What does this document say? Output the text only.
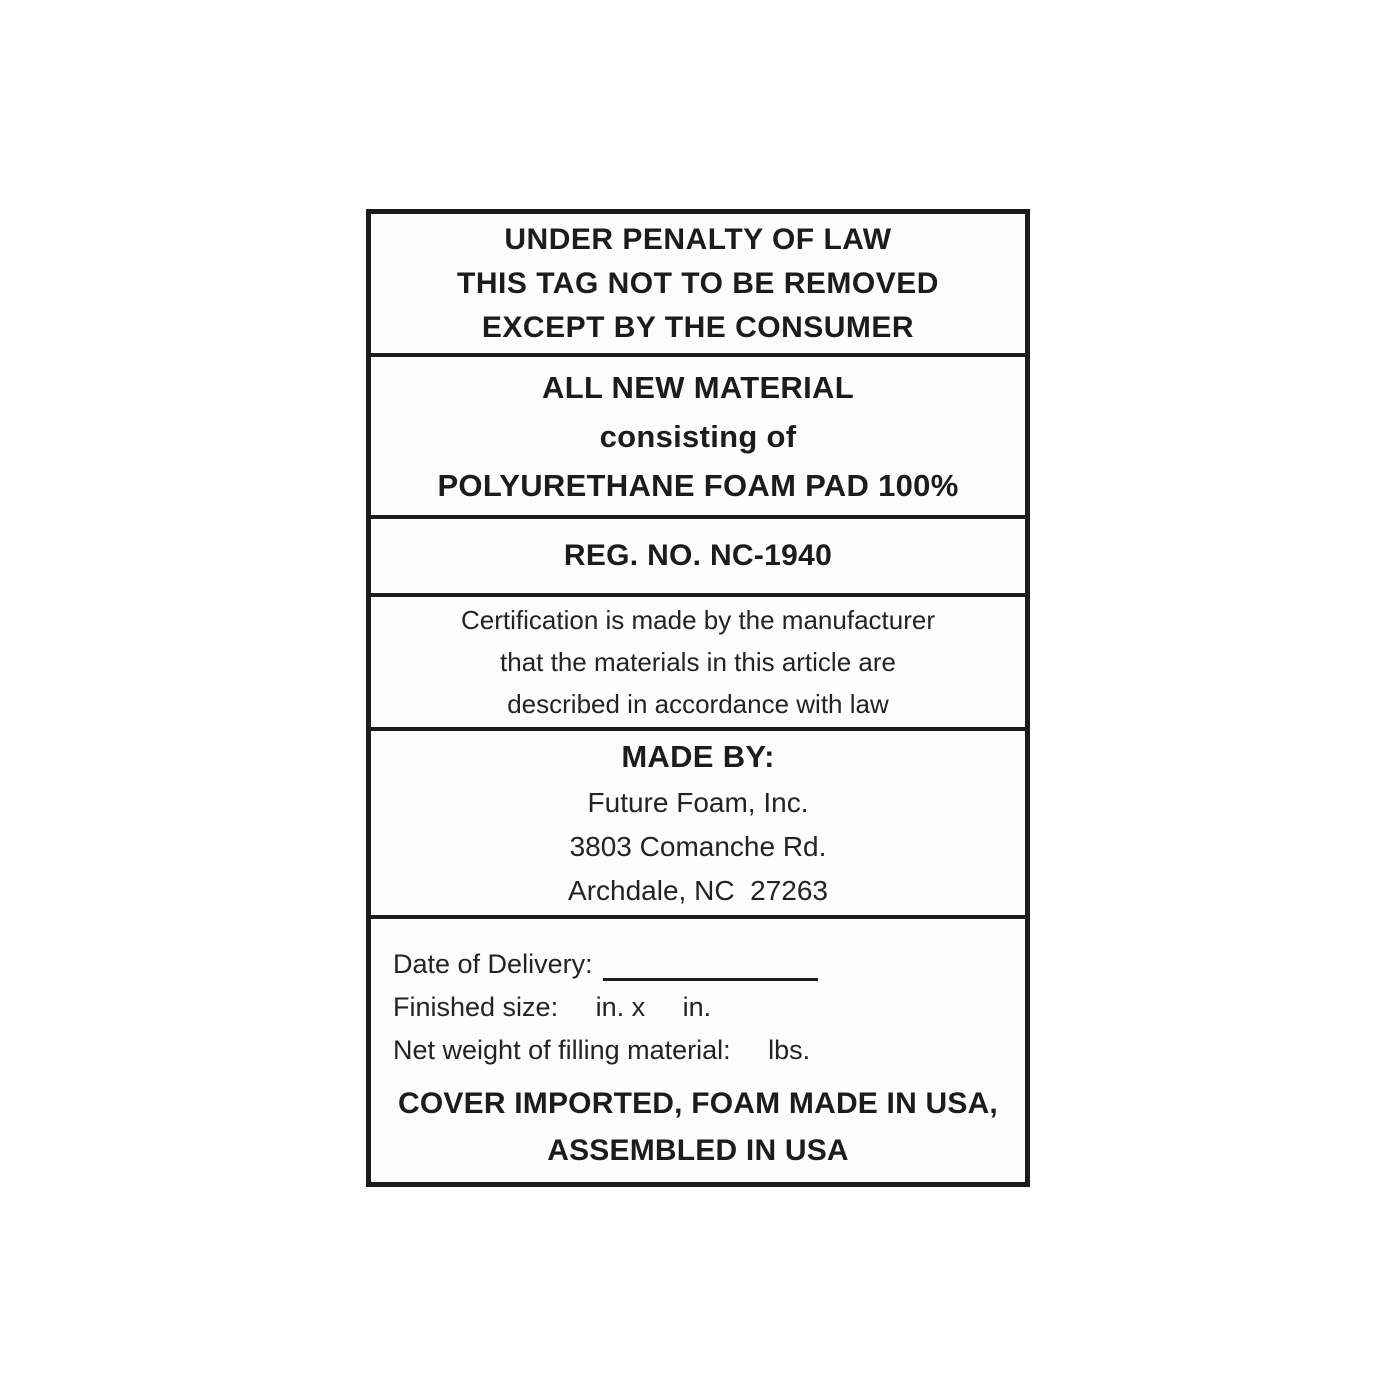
UNDER PENALTY OF LAW
THIS TAG NOT TO BE REMOVED
EXCEPT BY THE CONSUMER
ALL NEW MATERIAL
consisting of
POLYURETHANE FOAM PAD 100%
REG. NO. NC-1940
Certification is made by the manufacturer
that the materials in this article are
described in accordance with law
MADE BY:
Future Foam, Inc.
3803 Comanche Rd.
Archdale, NC  27263
Date of Delivery:
Finished size:     in. x     in.
Net weight of filling material:     lbs.
COVER IMPORTED, FOAM MADE IN USA,
ASSEMBLED IN USA
